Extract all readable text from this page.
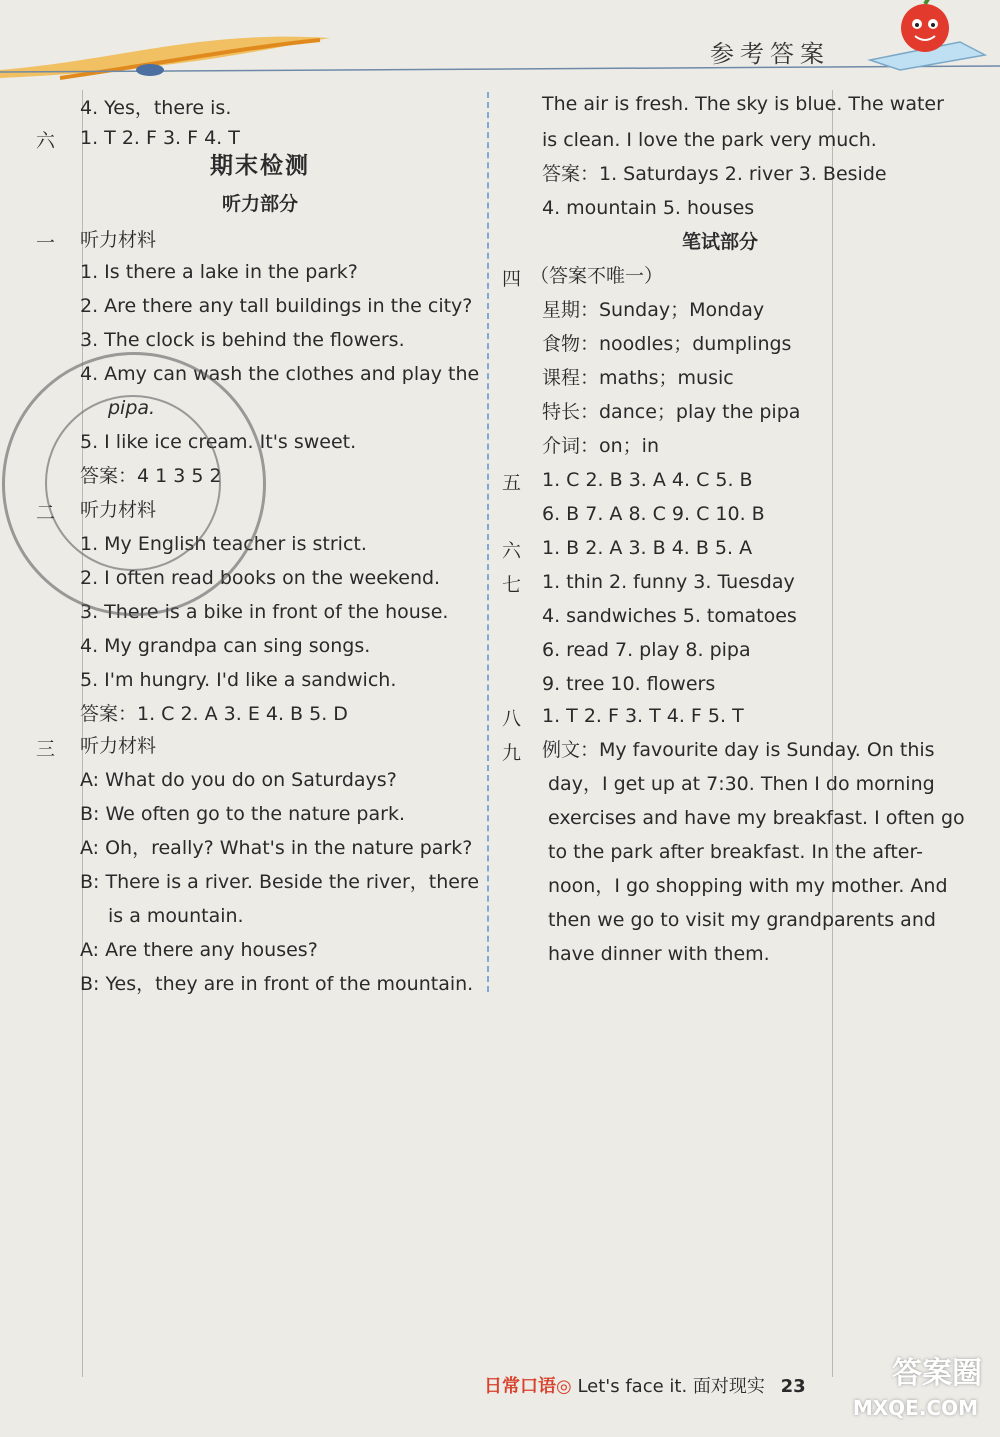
参考答案
六
一
二
三
4. Yes，there is.
1. T 2. F 3. F 4. T
期末检测
听力部分
听力材料
1. Is there a lake in the park?
2. Are there any tall buildings in the city?
3. The clock is behind the flowers.
4. Amy can wash the clothes and play the
pipa.
5. I like ice cream. It's sweet.
答案：4 1 3 5 2
听力材料
1. My English teacher is strict.
2. I often read books on the weekend.
3. There is a bike in front of the house.
4. My grandpa can sing songs.
5. I'm hungry. I'd like a sandwich.
答案：1. C 2. A 3. E 4. B 5. D
听力材料
A: What do you do on Saturdays?
B: We often go to the nature park.
A: Oh，really? What's in the nature park?
B: There is a river. Beside the river，there
is a mountain.
A: Are there any houses?
B: Yes，they are in front of the mountain.
四
五
六
七
八
九
The air is fresh. The sky is blue. The water
is clean. I love the park very much.
答案：1. Saturdays 2. river 3. Beside
4. mountain 5. houses
笔试部分
（答案不唯一）
星期：Sunday；Monday
食物：noodles；dumplings
课程：maths；music
特长：dance；play the pipa
介词：on；in
1. C 2. B 3. A 4. C 5. B
6. B 7. A 8. C 9. C 10. B
1. B 2. A 3. B 4. B 5. A
1. thin 2. funny 3. Tuesday
4. sandwiches 5. tomatoes
6. read 7. play 8. pipa
9. tree 10. flowers
1. T 2. F 3. T 4. F 5. T
例文：My favourite day is Sunday. On this
day，I get up at 7:30. Then I do morning
exercises and have my breakfast. I often go
to the park after breakfast. In the after-
noon，I go shopping with my mother. And
then we go to visit my grandparents and
have dinner with them.
日常口语◎ Let's face it. 面对现实 23	答案圈
MXQE.COM
